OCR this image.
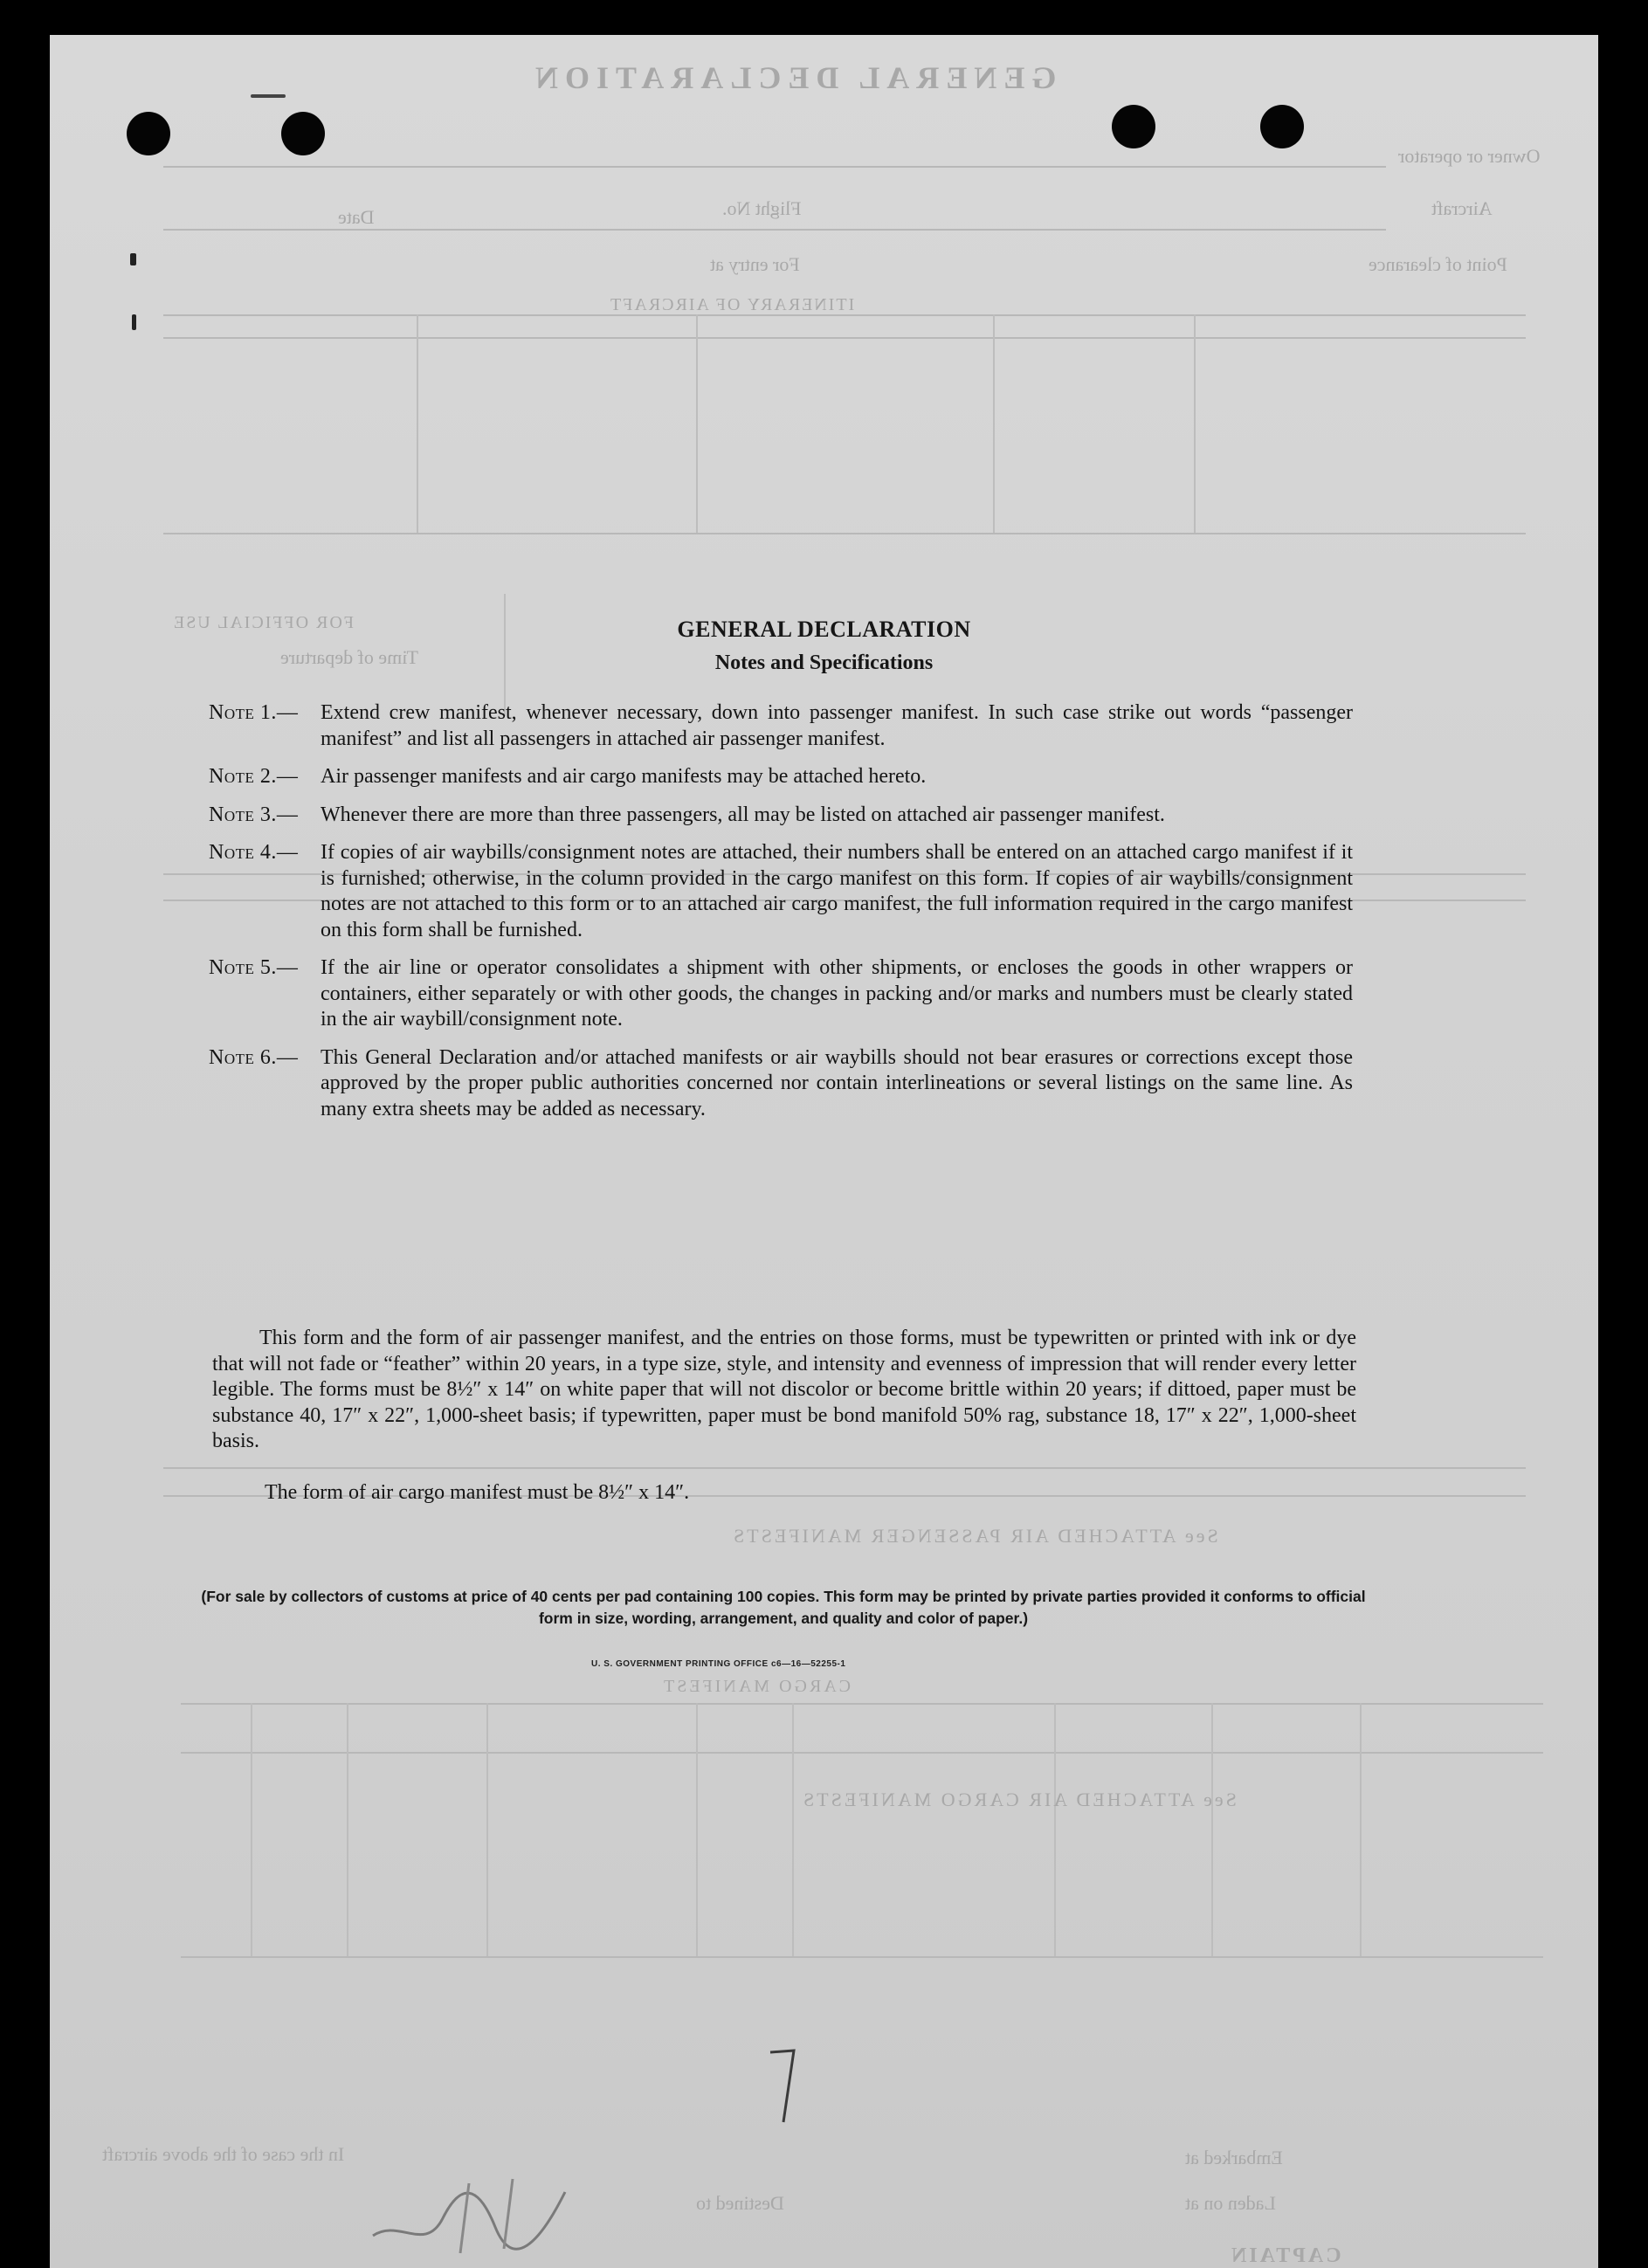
GENERAL DECLARATION
Owner or operator
Aircraft
Flight No.
Date
Point of clearance
For entry at
ITINERARY OF AIRCRAFT
FOR OFFICIAL USE
Time of departure
See ATTACHED AIR PASSENGER MANIFESTS
CARGO MANIFEST
See ATTACHED AIR CARGO MANIFESTS
Embarked at
Laden on at
Destined to
In the case of the above aircraft
CAPTAIN
GENERAL DECLARATION
Notes and Specifications
Note 1.—	Extend crew manifest, whenever necessary, down into passenger manifest. In such case strike out words “passenger manifest” and list all passengers in attached air passenger manifest.
Note 2.—	Air passenger manifests and air cargo manifests may be attached hereto.
Note 3.—	Whenever there are more than three passengers, all may be listed on attached air passenger manifest.
Note 4.—	If copies of air waybills/consignment notes are attached, their numbers shall be entered on an attached cargo manifest if it is furnished; otherwise, in the column provided in the cargo manifest on this form. If copies of air waybills/consignment notes are not attached to this form or to an attached air cargo manifest, the full information required in the cargo manifest on this form shall be furnished.
Note 5.—	If the air line or operator consolidates a shipment with other shipments, or encloses the goods in other wrappers or containers, either separately or with other goods, the changes in packing and/or marks and numbers must be clearly stated in the air waybill/consignment note.
Note 6.—	This General Declaration and/or attached manifests or air waybills should not bear erasures or corrections except those approved by the proper public authorities concerned nor contain interlineations or several listings on the same line. As many extra sheets may be added as necessary.
This form and the form of air passenger manifest, and the entries on those forms, must be typewritten or printed with ink or dye that will not fade or “feather” within 20 years, in a type size, style, and intensity and evenness of impression that will render every letter legible. The forms must be 8½″ x 14″ on white paper that will not discolor or become brittle within 20 years; if dittoed, paper must be substance 40, 17″ x 22″, 1,000-sheet basis; if typewritten, paper must be bond manifold 50% rag, substance 18, 17″ x 22″, 1,000-sheet basis.
The form of air cargo manifest must be 8½″ x 14″.
(For sale by collectors of customs at price of 40 cents per pad containing 100 copies. This form may be printed by private parties provided it conforms to official form in size, wording, arrangement, and quality and color of paper.)
U. S. GOVERNMENT PRINTING OFFICE c6—16—52255-1
